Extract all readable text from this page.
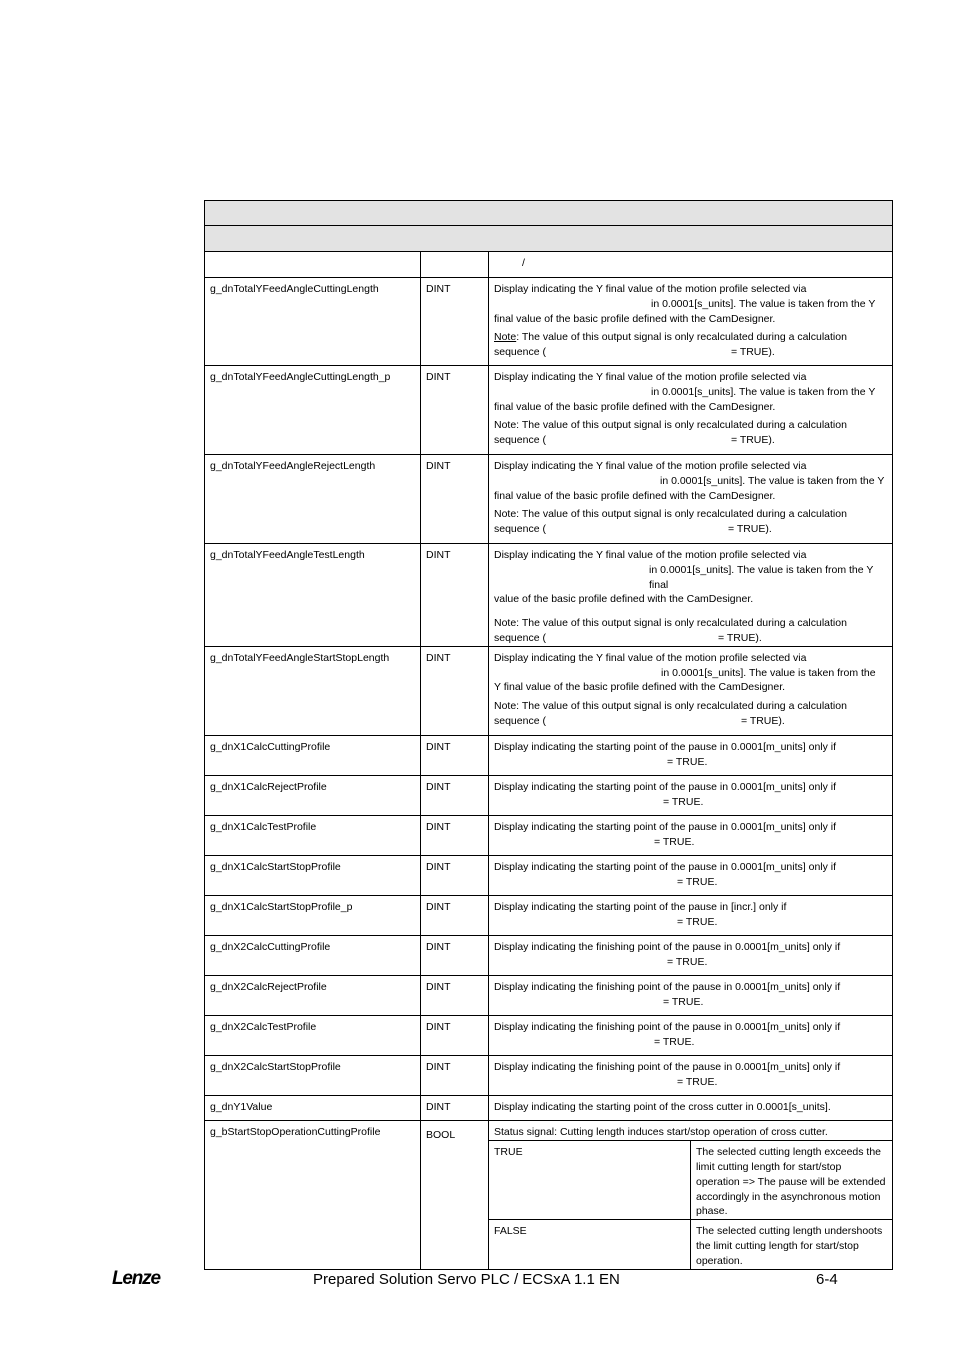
		/
g_dnTotalYFeedAngleCuttingLength	DINT	Display indicating the Y final value of the motion profile selected via

in 0.0001[s_units]. The value is taken from the Y

final value of the basic profile defined with the CamDesigner.

Note: The value of this output signal is only recalculated during a calculation

sequence (	= TRUE).

g_dnTotalYFeedAngleCuttingLength_p	DINT	Display indicating the Y final value of the motion profile selected via

in 0.0001[s_units]. The value is taken from the Y

final value of the basic profile defined with the CamDesigner.

Note: The value of this output signal is only recalculated during a calculation

sequence (	= TRUE).

g_dnTotalYFeedAngleRejectLength	DINT	Display indicating the Y final value of the motion profile selected via

in 0.0001[s_units]. The value is taken from the Y

final value of the basic profile defined with the CamDesigner.

Note: The value of this output signal is only recalculated during a calculation

sequence (	= TRUE).

g_dnTotalYFeedAngleTestLength	DINT	Display indicating the Y final value of the motion profile selected via

in 0.0001[s_units]. The value is taken from the Y final

value of the basic profile defined with the CamDesigner.

Note: The value of this output signal is only recalculated during a calculation

sequence (	= TRUE).

g_dnTotalYFeedAngleStartStopLength	DINT	Display indicating the Y final value of the motion profile selected via

in 0.0001[s_units]. The value is taken from the

Y final value of the basic profile defined with the CamDesigner.

Note: The value of this output signal is only recalculated during a calculation

sequence (	= TRUE).

g_dnX1CalcCuttingProfile	DINT	Display indicating the starting point of the pause in 0.0001[m_units] only if

= TRUE.

g_dnX1CalcRejectProfile	DINT	Display indicating the starting point of the pause in 0.0001[m_units] only if

= TRUE.

g_dnX1CalcTestProfile	DINT	Display indicating the starting point of the pause in 0.0001[m_units] only if

= TRUE.

g_dnX1CalcStartStopProfile	DINT	Display indicating the starting point of the pause in 0.0001[m_units] only if

= TRUE.

g_dnX1CalcStartStopProfile_p	DINT	Display indicating the starting point of the pause in [incr.] only if

= TRUE.

g_dnX2CalcCuttingProfile	DINT	Display indicating the finishing point of the pause in 0.0001[m_units] only if

= TRUE.

g_dnX2CalcRejectProfile	DINT	Display indicating the finishing point of the pause in 0.0001[m_units] only if

= TRUE.

g_dnX2CalcTestProfile	DINT	Display indicating the finishing point of the pause in 0.0001[m_units] only if

= TRUE.

g_dnX2CalcStartStopProfile	DINT	Display indicating the finishing point of the pause in 0.0001[m_units] only if

= TRUE.

g_dnY1Value	DINT	Display indicating the starting point of the cross cutter in 0.0001[s_units].
g_bStartStopOperationCuttingProfile	BOOL		Status signal: Cutting length induces start/stop operation of cross cutter.
TRUE	The selected cutting length exceeds the limit cutting length for start/stop operation => The pause will be extended accordingly in the asynchronous motion phase.
FALSE	The selected cutting length undershoots the limit cutting length for start/stop operation.
Lenze	Prepared Solution Servo PLC / ECSxA 1.1 EN	6-4
